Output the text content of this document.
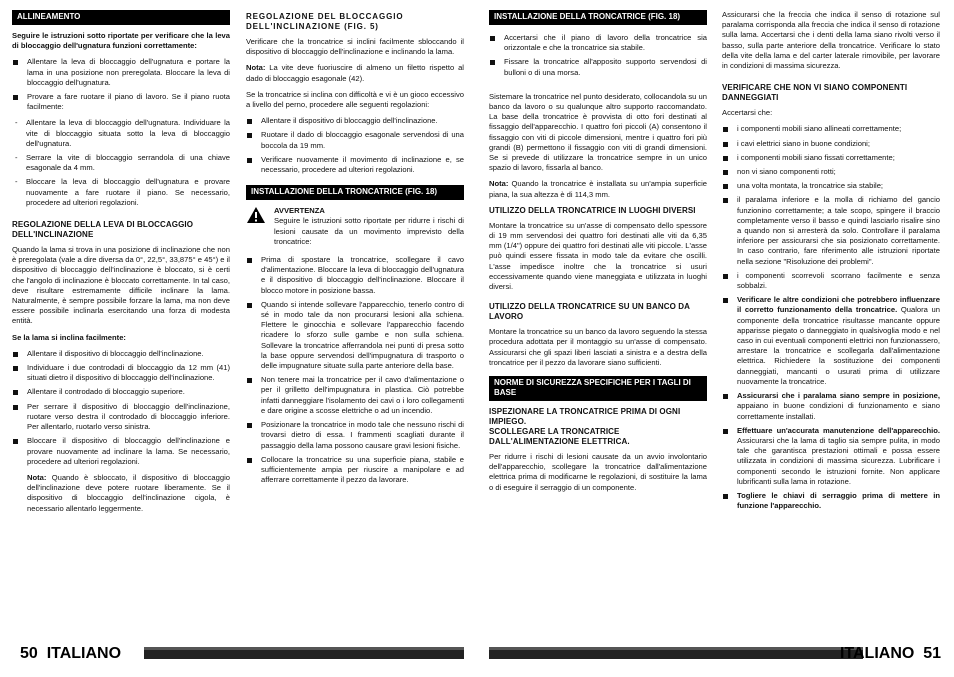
ALLINEAMENTO

Seguire le istruzioni sotto riportate per verificare che la leva di bloccaggio dell'ugnatura funzioni correttamente:

Allentare la leva di bloccaggio dell'ugnatura e portare la lama in una posizione non preregolata. Bloccare la leva di bloccaggio dell'ugnatura.
Provare a fare ruotare il piano di lavoro. Se il piano ruota facilmente:
- Allentare la leva di bloccaggio dell'ugnatura. Individuare la vite di bloccaggio situata sotto la leva di bloccaggio dell'ugnatura.
- Serrare la vite di bloccaggio serrandola di una chiave esagonale da 4 mm.
- Bloccare la leva di bloccaggio dell'ugnatura e provare nuovamente a fare ruotare il piano. Se necessario, procedere ad ulteriori regolazioni.
REGOLAZIONE DELLA LEVA DI BLOCCAGGIO DELL'INCLINAZIONE

Quando la lama si trova in una posizione di inclinazione che non è preregolata (vale a dire diversa da 0°, 22,5°, 33,875° e 45°) e il dispositivo di bloccaggio dell'inclinazione è bloccato, si è certi che l'angolo di inclinazione è bloccato correttamente. In tal caso, deve risultare estremamente difficile inclinare la lama. Naturalmente, è sempre possibile forzare la lama, ma non deve essere possibile inclinarla esercitando una forza di modesta entità.

Se la lama si inclina facilmente:

Allentare il dispositivo di bloccaggio dell'inclinazione.
Individuare i due controdadi di bloccaggio da 12 mm (41) situati dietro il dispositivo di bloccaggio dell'inclinazione.
Allentare il controdado di bloccaggio superiore.
Per serrare il dispositivo di bloccaggio dell'inclinazione, ruotare verso destra il controdado di bloccaggio inferiore. Per allentarlo, ruotarlo verso sinistra.
Bloccare il dispositivo di bloccaggio dell'inclinazione e provare nuovamente ad inclinare la lama. Se necessario, procedere ad ulteriori regolazioni.
Nota: Quando è sbloccato, il dispositivo di bloccaggio dell'inclinazione deve potere ruotare liberamente. Se il dispositivo di bloccaggio dell'inclinazione cigola, è necessario allentarlo leggermente.
REGOLAZIONE DEL BLOCCAGGIO DELL'INCLINAZIONE (FIG. 5)

Verificare che la troncatrice si inclini facilmente sbloccando il dispositivo di bloccaggio dell'inclinazione e inclinando la lama.

Nota: La vite deve fuoriuscire di almeno un filetto rispetto al dado di bloccaggio esagonale (42).

Se la troncatrice si inclina con difficoltà e vi è un gioco eccessivo a livello del perno, procedere alle seguenti regolazioni:

Allentare il dispositivo di bloccaggio dell'inclinazione.
Ruotare il dado di bloccaggio esagonale servendosi di una boccola da 19 mm.
Verificare nuovamente il movimento di inclinazione e, se necessario, procedere ad ulteriori regolazioni.
INSTALLAZIONE DELLA TRONCATRICE (FIG. 18)
AVVERTENZA
Seguire le istruzioni sotto riportate per ridurre i rischi di lesioni causate da un movimento imprevisto della troncatrice:
Prima di spostare la troncatrice, scollegare il cavo d'alimentazione. Bloccare la leva di bloccaggio dell'ugnatura e il dispositivo di bloccaggio dell'inclinazione. Bloccare il blocco motore in posizione bassa.
Quando si intende sollevare l'apparecchio, tenerlo contro di sé in modo tale da non procurarsi lesioni alla schiena. Flettere le ginocchia e sollevare l'apparecchio facendo ricadere lo sforzo sulle gambe e non sulla schiena. Sollevare la troncatrice afferrandola nei punti di presa sotto la base oppure servendosi dell'impugnatura di trasporto o delle impugnature situate sulla parte anteriore della base.
Non tenere mai la troncatrice per il cavo d'alimentazione o per il grilletto dell'impugnatura in plastica. Ciò potrebbe infatti danneggiare l'isolamento dei cavi o i loro collegamenti e dare origine a scosse elettriche o ad un incendio.
Posizionare la troncatrice in modo tale che nessuno rischi di trovarsi dietro di essa. I frammenti scagliati durante il passaggio della lama possono causare gravi lesioni fisiche.
Collocare la troncatrice su una superficie piana, stabile e sufficientemente ampia per riuscire a manipolare e ad afferrare correttamente il pezzo da lavorare.
INSTALLAZIONE DELLA TRONCATRICE (FIG. 18)
Accertarsi che il piano di lavoro della troncatrice sia orizzontale e che la troncatrice sia stabile.
Fissare la troncatrice all'apposito supporto servendosi di bulloni o di una morsa.

Sistemare la troncatrice nel punto desiderato, collocandola su un banco da lavoro o su qualunque altro supporto raccomandato. La base della troncatrice è provvista di otto fori destinati al fissaggio dell'apparecchio. I quattro fori piccoli (A) consentono il fissaggio con viti di piccole dimensioni, mentre i quattro fori più grandi (B) permettono il fissaggio con viti di grandi dimensioni. Se si prevede di utilizzare la troncatrice sempre in un unico spazio di lavoro, fissarla al banco.

Nota: Quando la troncatrice è installata su un'ampia superficie piana, la sua altezza è di 114,3 mm.

UTILIZZO DELLA TRONCATRICE IN LUOGHI DIVERSI

Montare la troncatrice su un'asse di compensato dello spessore di 19 mm servendosi dei quattro fori destinati alle viti da 6,35 mm (1/4") oppure dei quattro fori destinati alle viti piccole. L'asse può quindi essere fissata in modo tale da evitare che oscilli. L'asse impedisce inoltre che la troncatrice si usuri eccessivamente quando viene maneggiata e utilizzata in luoghi diversi.

UTILIZZO DELLA TRONCATRICE SU UN BANCO DA LAVORO

Montare la troncatrice su un banco da lavoro seguendo la stessa procedura adottata per il montaggio su un'asse di compensato. Assicurarsi che gli spazi liberi lasciati a sinistra e a destra della troncatrice per il pezzo da lavorare siano sufficienti.

NORME DI SICUREZZA SPECIFICHE PER I TAGLI DI BASE
ISPEZIONARE LA TRONCATRICE PRIMA DI OGNI IMPIEGO.
SCOLLEGARE LA TRONCATRICE DALL'ALIMENTAZIONE ELETTRICA.

Per ridurre i rischi di lesioni causate da un avvio involontario dell'apparecchio, scollegare la troncatrice dall'alimentazione elettrica prima di modificarne le regolazioni, di sostituire la lama o di eseguire il serraggio di un componente.

Assicurarsi che la freccia che indica il senso di rotazione sul paralama corrisponda alla freccia che indica il senso di rotazione sulla lama. Accertarsi che i denti della lama siano rivolti verso il basso, sulla parte anteriore della troncatrice. Verificare lo stato della vite della lama e del carter laterale rimovibile, per lavorare in condizioni di massima sicurezza.

VERIFICARE CHE NON VI SIANO COMPONENTI DANNEGGIATI

Accertarsi che:

i componenti mobili siano allineati correttamente;
i cavi elettrici siano in buone condizioni;
i componenti mobili siano fissati correttamente;
non vi siano componenti rotti;
una volta montata, la troncatrice sia stabile;
il paralama inferiore e la molla di richiamo del gancio funzionino correttamente; a tale scopo, spingere il braccio completamente verso il basso e quindi lasciarlo risalire sino a quando non si arresterà da solo. Controllare il paralama inferiore per assicurarsi che sia posizionato correttamente. In caso contrario, fare riferimento alle istruzioni riportate nella sezione "Risoluzione dei problemi".
i componenti scorrevoli scorrano facilmente e senza sobbalzi.
Verificare le altre condizioni che potrebbero influenzare il corretto funzionamento della troncatrice. Qualora un componente della troncatrice risultasse mancante oppure apparisse piegato o danneggiato in qualsivoglia modo e nel caso in cui eventuali componenti elettrici non funzionassero, arrestare la troncatrice e scollegarla dall'alimentazione elettrica. Richiedere la sostituzione dei componenti danneggiati, mancanti o usurati prima di utilizzare nuovamente la troncatrice.
Assicurarsi che i paralama siano sempre in posizione, appaiano in buone condizioni di funzionamento e siano correttamente installati.
Effettuare un'accurata manutenzione dell'apparecchio. Assicurarsi che la lama di taglio sia sempre pulita, in modo tale che garantisca prestazioni ottimali e possa essere utilizzata in condizioni di massima sicurezza. Lubrificare i componenti secondo le istruzioni fornite. Non applicare lubrificanti sulla lama in rotazione.
Togliere le chiavi di serraggio prima di mettere in funzione l'apparecchio.
50 ITALIANO	ITALIANO 51
